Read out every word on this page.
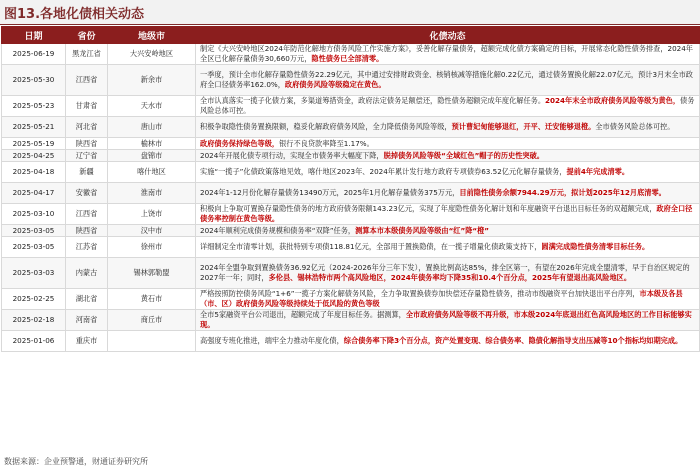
图13.各地化债相关动态
日期	省份	地级市	化债动态
2025-06-19	黑龙江省	大兴安岭地区	制定《大兴安岭地区2024年防范化解地方债务风险工作实施方案》，妥善化解存量债务，超额完成化债方案确定的目标，开展常态化隐性债务排查，2024年全区已化解存量债务30,660万元，隐性债务已全部清零。
2025-05-30	江西省	新余市	一季度，预计全市化解存量隐性债务22.29亿元，其中通过安排财政资金、核销核减等措施化解0.22亿元，通过债务置换化解22.07亿元，预计3月末全市政府全口径债务率162.0%，政府债务风险等级稳定在黄色。
2025-05-23	甘肃省	天水市	全市认真落实一揽子化债方案，多渠道筹措资金，政府法定债务足额偿还，隐性债务超额完成年度化解任务。2024年末全市政府债务风险等级为黄色，债务风险总体可控。
2025-05-21	河北省	唐山市	积极争取隐性债务置换限额，稳妥化解政府债务风险，全力降低债务风险等级，预计曹妃甸能够退红，开平、迁安能够退橙。全市债务风险总体可控。
2025-05-19	陕西省	榆林市	政府债务保持绿色等级，银行不良贷款率降至1.17%。
2025-04-25	辽宁省	盘锦市	2024年开展化债专项行动，实现全市债务率大幅度下降，脱掉债务风险等级“全域红色”帽子的历史性突破。
2025-04-18	新疆	喀什地区	实施“一揽子”化债政策落地见效，喀什地区2023年、2024年累计发行地方政府专项债券63.52亿元化解存量债务，提前4年完成清零。
2025-04-17	安徽省	淮南市	2024年1-12月份化解存量债务13490万元，2025年1月化解存量债务375万元，目前隐性债务余额7944.29万元，拟计划2025年12月底清零。
2025-03-10	江西省	上饶市	积极向上争取可置换存量隐性债务的地方政府债务限额143.23亿元，实现了年度隐性债务化解计划和年度融资平台退出目标任务的双超额完成，政府全口径债务率控制在黄色等级。
2025-03-05	陕西省	汉中市	2024年顺利完成债务规模和债务率“双降”任务，测算本市本级债务风险等级由“红”降“橙”
2025-03-05	江苏省	徐州市	详细制定全市清零计划，获批特别专项债118.81亿元，全部用于置换隐债，在一揽子增量化债政策支持下，圆满完成隐性债务清零目标任务。
2025-03-03	内蒙古	锡林郭勒盟	2024年全盟争取到置换债务36.92亿元（2024-2026年分三年下发），置换比例高达85%，排全区第一，有望在2026年完成全盟清零，早于自治区规定的2027年一年；同时，多伦县、锡林浩特市两个高风险地区，2024年债务率均下降35和10.4个百分点，2025年有望退出高风险地区。
2025-02-25	湖北省	黄石市	严格按照防控债务风险“1+6”一揽子方案化解债务风险，全力争取置换债券加快偿还存量隐性债务，推动市级融资平台加快退出平台序列，市本级及各县（市、区）政府债务风险等级持续处于低风险的黄色等级
2025-02-18	河南省	商丘市	全市5家融资平台公司退出，超额完成了年度目标任务。据测算，全市政府债务风险等级不再升级，市本级2024年底退出红色高风险地区的工作目标能够实现。
2025-01-06	重庆市		高强度专班化推进，端牢全力推动年度化债，综合债务率下降3个百分点，资产处置变现、综合债务率、隐债化解指导支出压减等10个指标均如期完成。
数据来源：企业预警通，财通证券研究所
